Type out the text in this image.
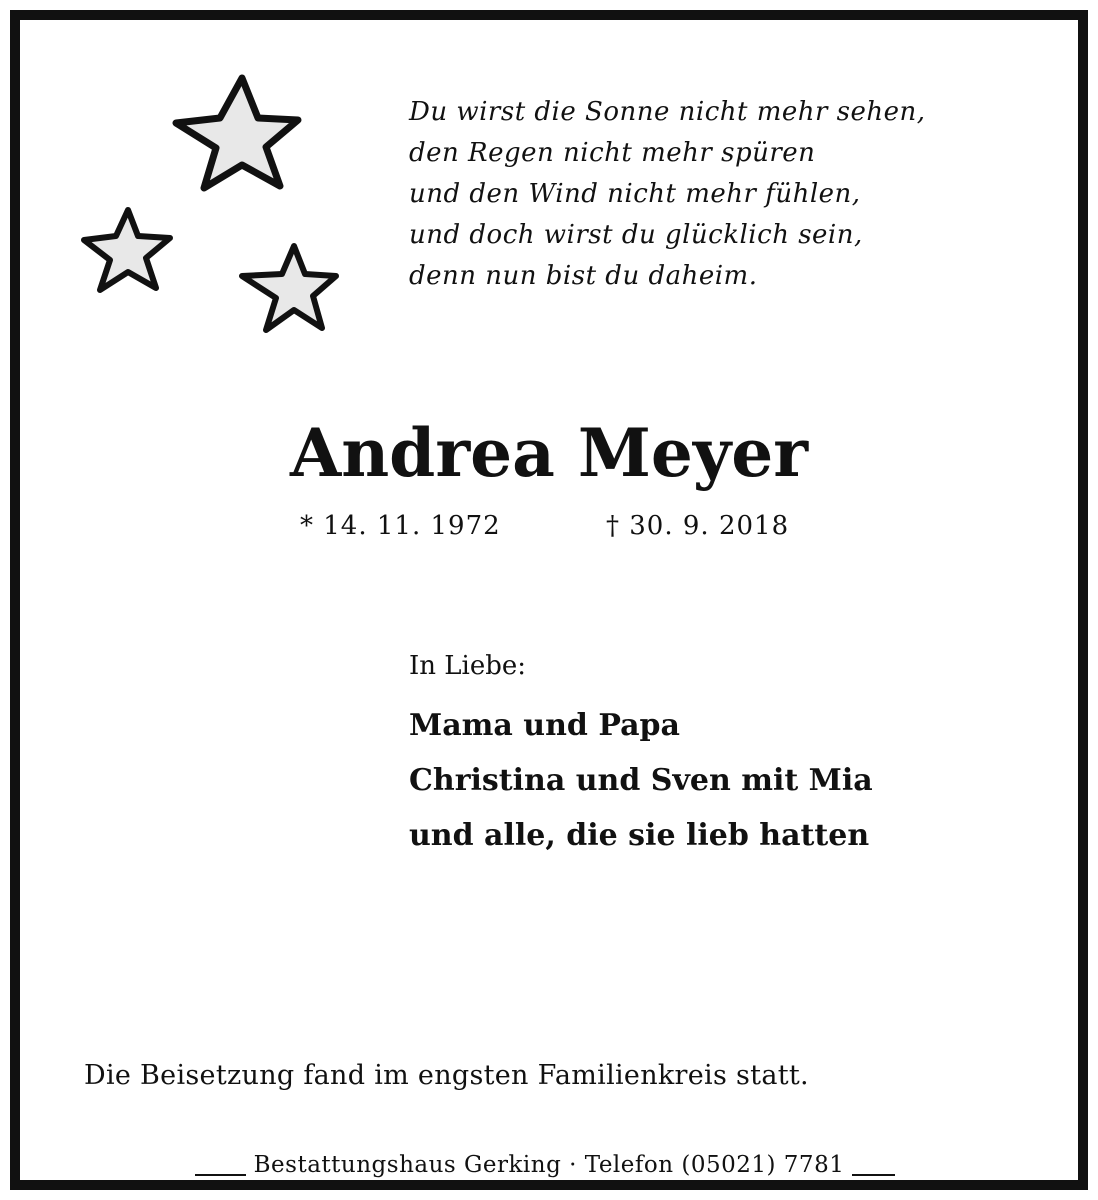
Du wirst die Sonne nicht mehr sehen,
den Regen nicht mehr spüren
und den Wind nicht mehr fühlen,
und doch wirst du glücklich sein,
denn nun bist du daheim.
Andrea Meyer
* 14. 11. 1972	† 30. 9. 2018
In Liebe:
Mama und Papa
Christina und Sven mit Mia
und alle, die sie lieb hatten
Die Beisetzung fand im engsten Familienkreis statt.
Bestattungshaus Gerking · Telefon (05021) 7781
